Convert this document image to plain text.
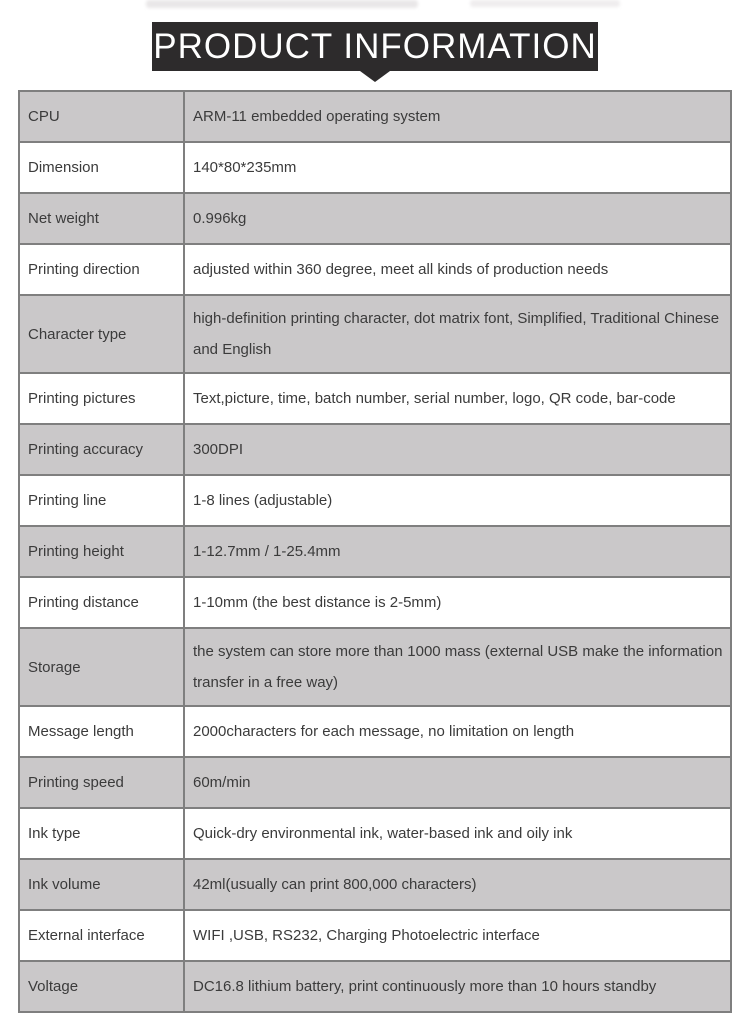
PRODUCT INFORMATION
CPU	ARM-11 embedded operating system
Dimension	140*80*235mm
Net weight	0.996kg
Printing direction	adjusted within 360 degree, meet all kinds of production needs
Character type	high-definition printing character, dot matrix font, Simplified, Traditional Chinese and English
Printing pictures	Text,picture, time, batch number, serial number, logo, QR code, bar-code
Printing accuracy	300DPI
Printing line	1-8 lines (adjustable)
Printing height	1-12.7mm / 1-25.4mm
Printing distance	1-10mm (the best distance is 2-5mm)
Storage	the system can store more than 1000 mass (external USB make the information transfer in a free way)
Message length	2000characters for each message, no limitation on length
Printing speed	60m/min
Ink type	Quick-dry environmental ink, water-based ink and oily ink
Ink volume	42ml(usually can print 800,000 characters)
External interface	WIFI ,USB, RS232, Charging Photoelectric interface
Voltage	DC16.8 lithium battery, print continuously more than 10 hours standby
